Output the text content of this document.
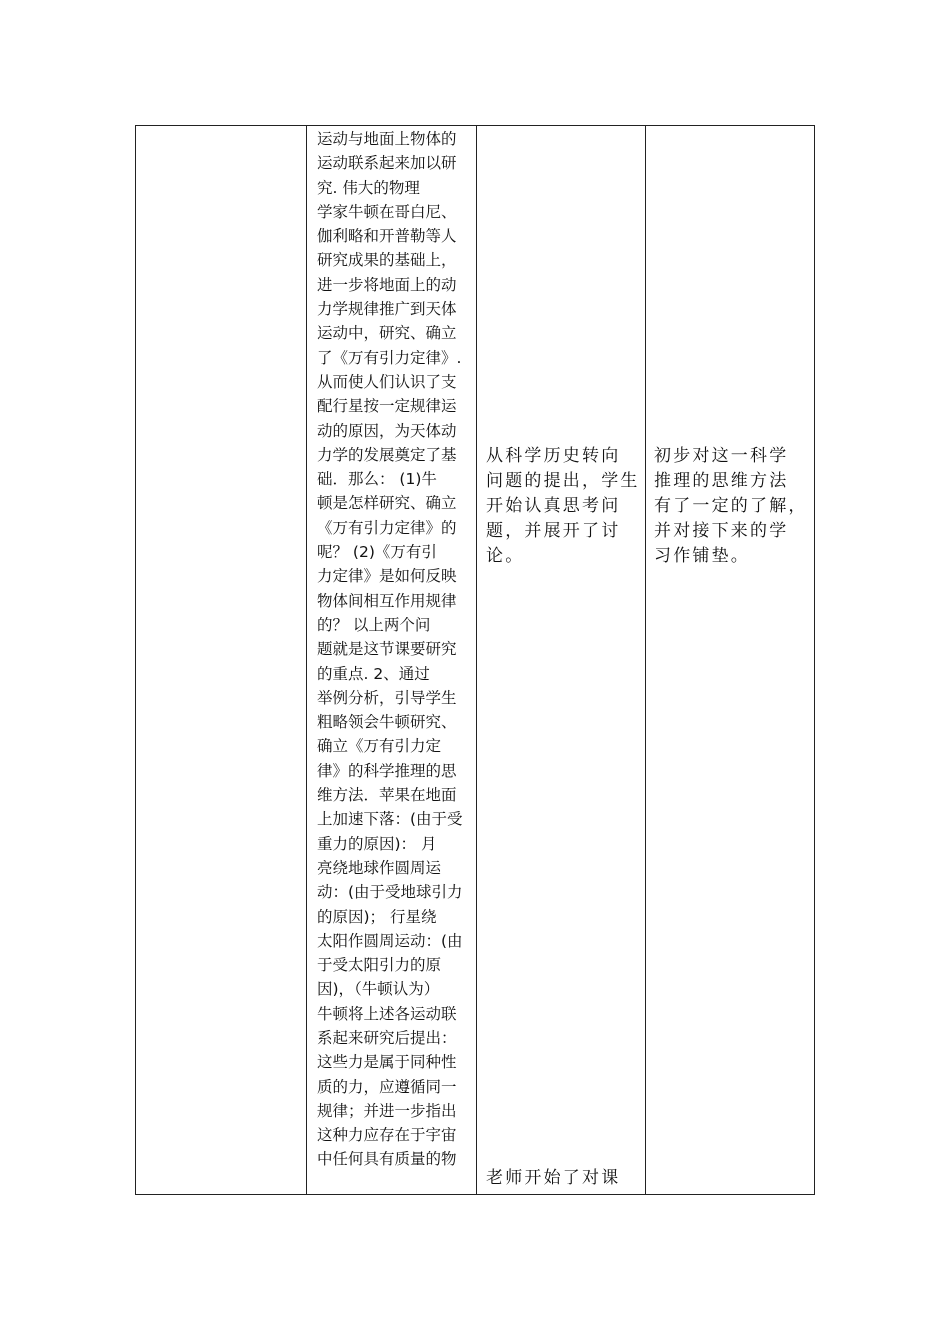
运动与地面上物体的
运动联系起来加以研
究. 伟大的物理
学家牛顿在哥白尼、
伽利略和开普勒等人
研究成果的基础上，
进一步将地面上的动
力学规律推广到天体
运动中，研究、确立
了《万有引力定律》.
从而使人们认识了支
配行星按一定规律运
动的原因，为天体动
力学的发展奠定了基
础．那么： (1)牛
顿是怎样研究、确立
《万有引力定律》的
呢？ (2)《万有引
力定律》是如何反映
物体间相互作用规律
的？ 以上两个问
题就是这节课要研究
的重点. 2、通过
举例分析，引导学生
粗略领会牛顿研究、
确立《万有引力定
律》的科学推理的思
维方法．苹果在地面
上加速下落：(由于受
重力的原因)： 月
亮绕地球作圆周运
动：(由于受地球引力
的原因)； 行星绕
太阳作圆周运动：(由
于受太阳引力的原
因)，（牛顿认为）
牛顿将上述各运动联
系起来研究后提出：
这些力是属于同种性
质的力，应遵循同一
规律；并进一步指出
这种力应存在于宇宙
中任何具有质量的物
从科学历史转向
问题的提出，学生
开始认真思考问
题，并展开了讨
论。
老师开始了对课
初步对这一科学
推理的思维方法
有了一定的了解，
并对接下来的学
习作铺垫。
